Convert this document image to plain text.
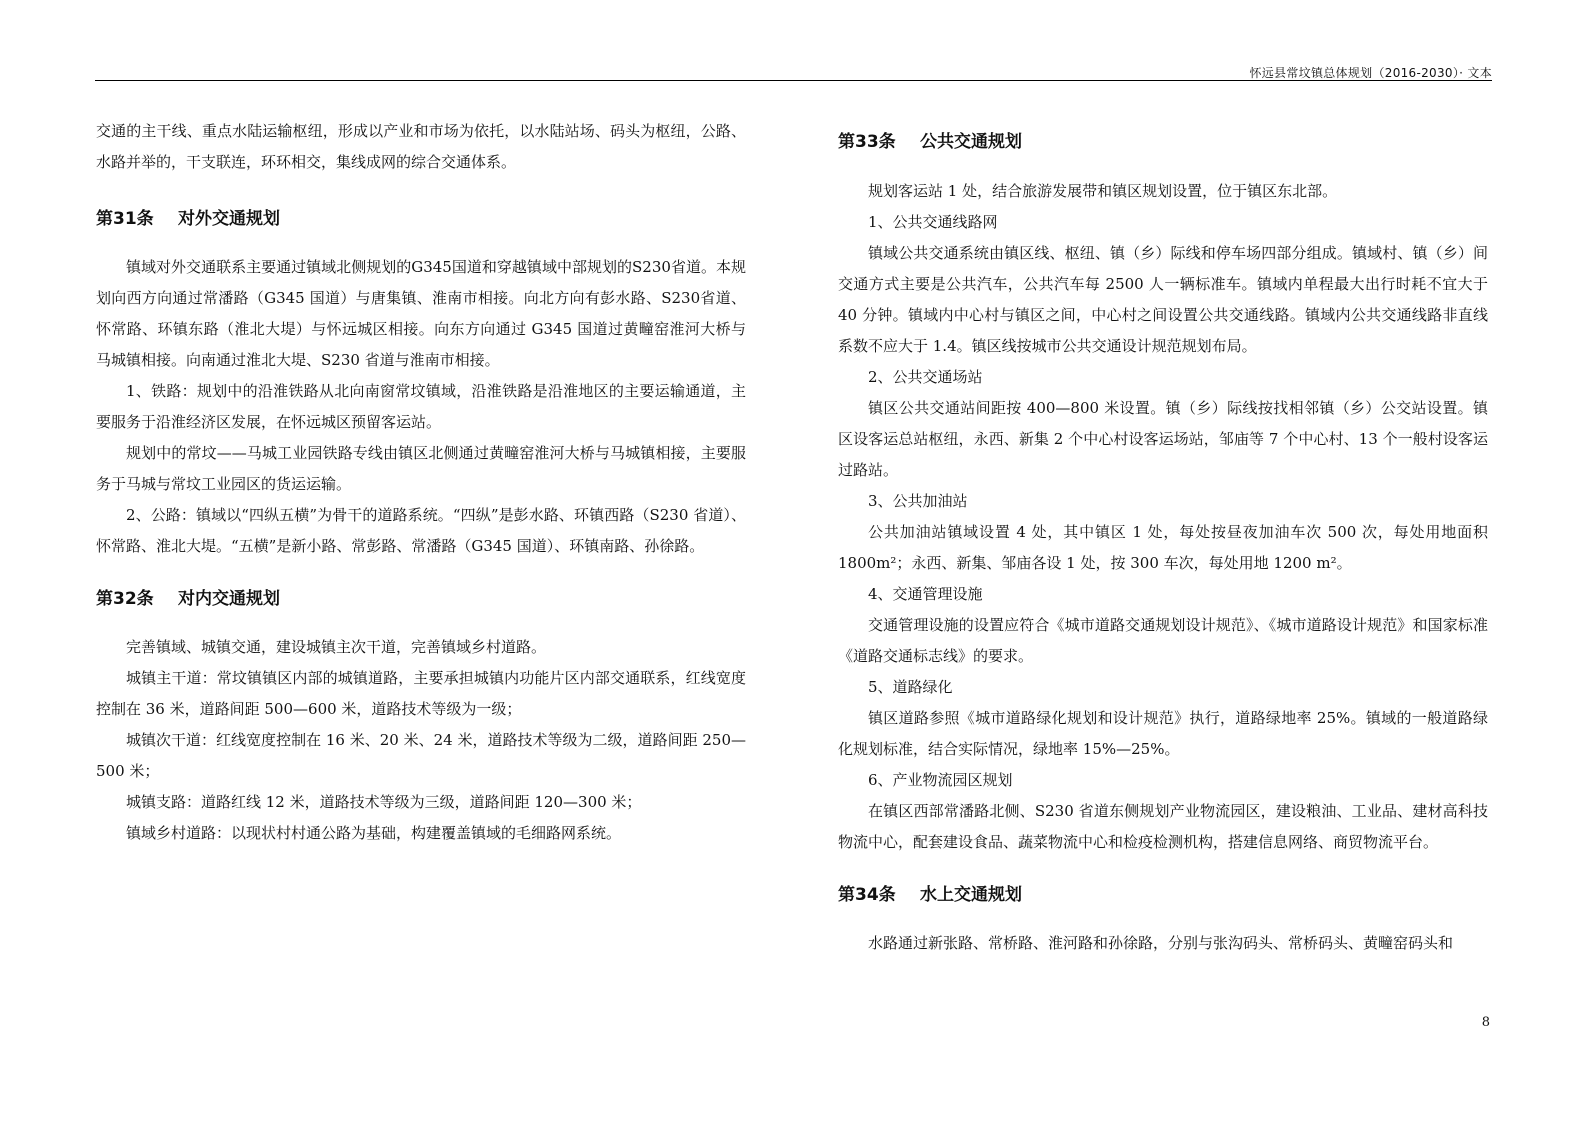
怀远县常坟镇总体规划（2016-2030）· 文本

交通的主干线、重点水陆运输枢纽，形成以产业和市场为依托，以水陆站场、码头为枢纽，公路、水路并举的，干支联连，环环相交，集线成网的综合交通体系。

第31条	对外交通规划

镇域对外交通联系主要通过镇域北侧规划的G345国道和穿越镇域中部规划的S230省道。本规划向西方向通过常潘路（G345 国道）与唐集镇、淮南市相接。向北方向有彭水路、S230省道、怀常路、环镇东路（淮北大堤）与怀远城区相接。向东方向通过 G345 国道过黄疃窑淮河大桥与马城镇相接。向南通过淮北大堤、S230 省道与淮南市相接。

1、铁路：规划中的沿淮铁路从北向南窗常坟镇域，沿淮铁路是沿淮地区的主要运输通道，主要服务于沿淮经济区发展，在怀远城区预留客运站。

规划中的常坟——马城工业园铁路专线由镇区北侧通过黄疃窑淮河大桥与马城镇相接，主要服务于马城与常坟工业园区的货运运输。

2、公路：镇域以“四纵五横”为骨干的道路系统。“四纵”是彭水路、环镇西路（S230 省道）、怀常路、淮北大堤。“五横”是新小路、常彭路、常潘路（G345 国道）、环镇南路、孙徐路。

第32条	对内交通规划

完善镇域、城镇交通，建设城镇主次干道，完善镇域乡村道路。

城镇主干道：常坟镇镇区内部的城镇道路，主要承担城镇内功能片区内部交通联系，红线宽度控制在 36 米，道路间距 500—600 米，道路技术等级为一级；

城镇次干道：红线宽度控制在 16 米、20 米、24 米，道路技术等级为二级，道路间距 250—500 米；

城镇支路：道路红线 12 米，道路技术等级为三级，道路间距 120—300 米；

镇域乡村道路：以现状村村通公路为基础，构建覆盖镇域的毛细路网系统。

第33条	公共交通规划

规划客运站 1 处，结合旅游发展带和镇区规划设置，位于镇区东北部。

1、公共交通线路网

镇域公共交通系统由镇区线、枢纽、镇（乡）际线和停车场四部分组成。镇域村、镇（乡）间交通方式主要是公共汽车，公共汽车每 2500 人一辆标准车。镇域内单程最大出行时耗不宜大于 40 分钟。镇域内中心村与镇区之间，中心村之间设置公共交通线路。镇域内公共交通线路非直线系数不应大于 1.4。镇区线按城市公共交通设计规范规划布局。

2、公共交通场站

镇区公共交通站间距按 400—800 米设置。镇（乡）际线按找相邻镇（乡）公交站设置。镇区设客运总站枢纽，永西、新集 2 个中心村设客运场站，邹庙等 7 个中心村、13 个一般村设客运过路站。

3、公共加油站

公共加油站镇域设置 4 处，其中镇区 1 处，每处按昼夜加油车次 500 次，每处用地面积 1800m²；永西、新集、邹庙各设 1 处，按 300 车次，每处用地 1200 m²。

4、交通管理设施

交通管理设施的设置应符合《城市道路交通规划设计规范》、《城市道路设计规范》和国家标准《道路交通标志线》的要求。

5、道路绿化

镇区道路参照《城市道路绿化规划和设计规范》执行，道路绿地率 25%。镇域的一般道路绿化规划标准，结合实际情况，绿地率 15%—25%。

6、产业物流园区规划

在镇区西部常潘路北侧、S230 省道东侧规划产业物流园区，建设粮油、工业品、建材高科技物流中心，配套建设食品、蔬菜物流中心和检疫检测机构，搭建信息网络、商贸物流平台。

第34条	水上交通规划

水路通过新张路、常桥路、淮河路和孙徐路，分别与张沟码头、常桥码头、黄疃窑码头和

8
